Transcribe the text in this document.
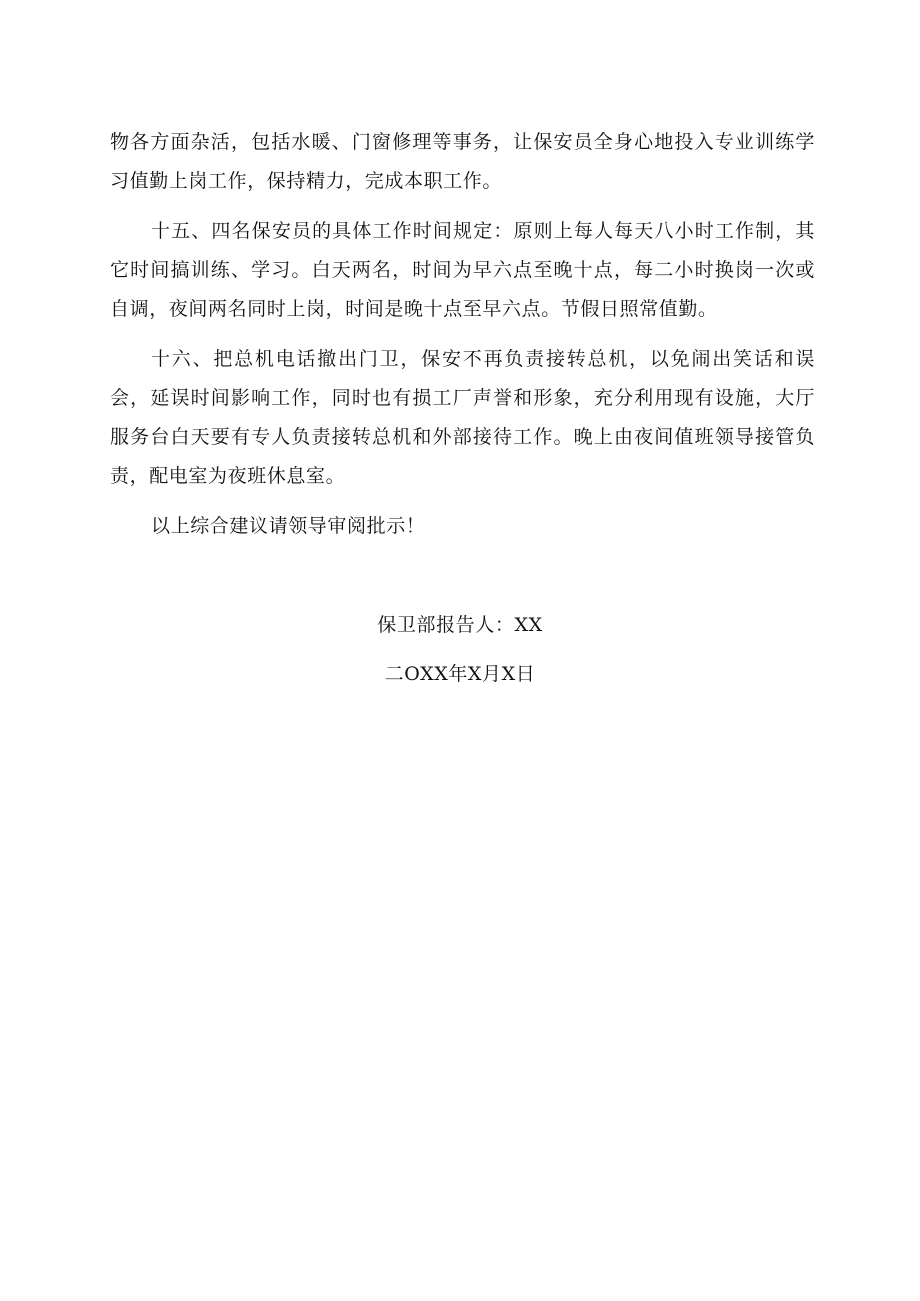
物各方面杂活，包括水暖、门窗修理等事务，让保安员全身心地投入专业训练学习值勤上岗工作，保持精力，完成本职工作。

十五、四名保安员的具体工作时间规定：原则上每人每天八小时工作制，其它时间搞训练、学习。白天两名，时间为早六点至晚十点，每二小时换岗一次或自调，夜间两名同时上岗，时间是晚十点至早六点。节假日照常值勤。

十六、把总机电话撤出门卫，保安不再负责接转总机，以免闹出笑话和误会，延误时间影响工作，同时也有损工厂声誉和形象，充分利用现有设施，大厅服务台白天要有专人负责接转总机和外部接待工作。晚上由夜间值班领导接管负责，配电室为夜班休息室。

以上综合建议请领导审阅批示！

保卫部报告人：XX

二OXX年X月X日
